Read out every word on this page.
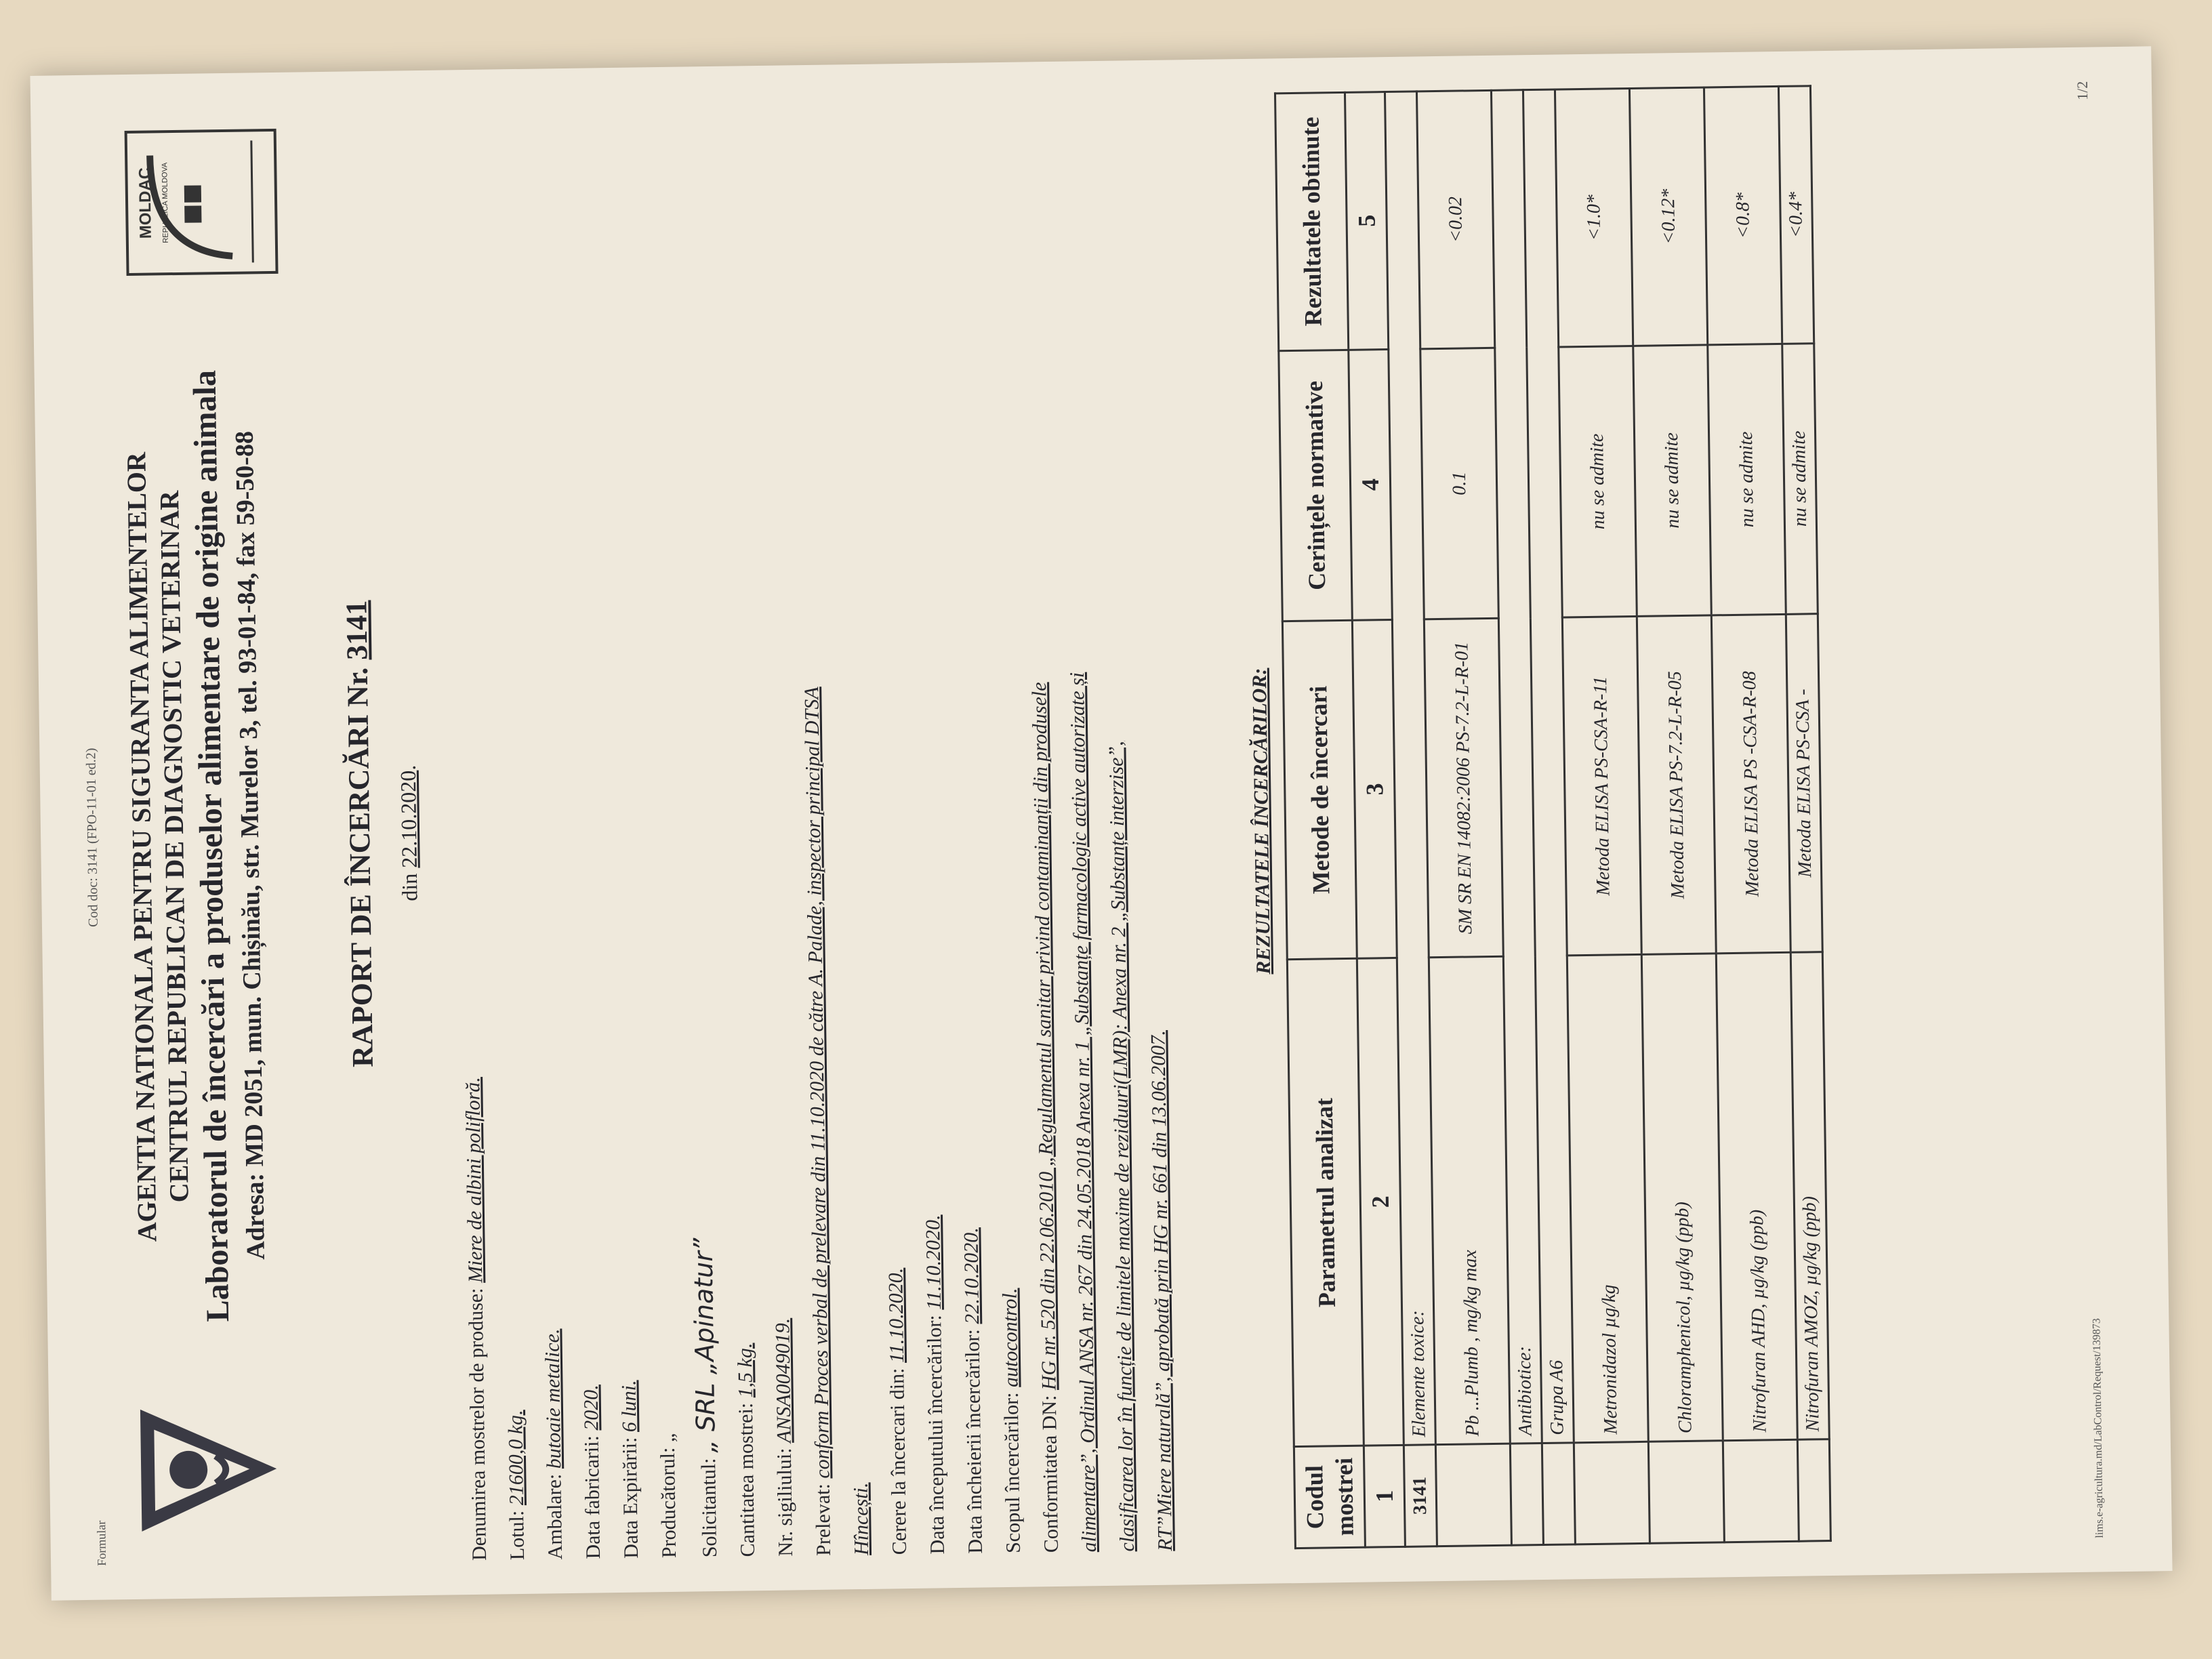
Formular
Cod doc: 3141 (FPO-11-01 ed.2) AGENTIA NATIONALA PENTRU SIGURANTA ALIMENTELOR
CENTRUL REPUBLICAN DE DIAGNOSTIC VETERINAR
Laboratorul de încercări a produselor alimentare de origine animala
Adresa: MD 2051, mun. Chișinău, str. Murelor 3, tel. 93-01-84, fax 59-50-88
MOLDAC REPUBLICA MOLDOVA
RAPORT DE ÎNCERCĂRI Nr. 3141
din 22.10.2020.
Denumirea mostrelor de produse: Miere de albini polifloră.
Lotul: 21600,0 kg.
Ambalare: butoaie metalice.
Data fabricarii: 2020.
Data Expirării: 6 luni.
Producătorul: „
Solicitantul: „ SRL „Apinatur”
Cantitatea mostrei: 1,5 kg.
Nr. sigiliului: ANSA0049019.
Prelevat: conform Proces verbal de prelevare din 11.10.2020 de către A. Palade, inspector principal DTSA
Hîncești. Cerere la încercari din: 11.10.2020. Data începutului încercărilor: 11.10.2020.
Data încheierii încercărilor: 22.10.2020.
Scopul încercărilor: autocontrol.
Conformitatea DN: HG nr. 520 din 22.06.2010 „Regulamentul sanitar privind contaminanții din produsele alimentare”, Ordinul ANSA nr. 267 din 24.05.2018 Anexa nr. 1 „Substanțe farmacologic active autorizate și clasificarea lor în funcție de limitele maxime de reziduuri(LMR): Anexa nr. 2 „Substanțe interzise”, RT”Miere naturală”, aprobată prin HG nr. 661 din 13.06.2007.
REZULTATELE ÎNCERCĂRILOR:
Codul mostrei	Parametrul analizat	Metode de încercari	Cerințele normative	Rezultatele obtinute
1	2	3	4	5
3141	Elemente toxice:			
	Pb ...Plumb , mg/kg max	SM SR EN 14082:2006 PS-7.2-L-R-01	0.1	<0.02
	Antibiotice:			
	Grupa A6			
	Metronidazol µg/kg	Metoda ELISA PS-CSA-R-11	nu se admite	<1.0*
	Chloramphenicol, µg/kg (ppb)	Metoda ELISA PS-7.2-L-R-05	nu se admite	<0.12*
	Nitrofuran AHD, µg/kg (ppb)	Metoda ELISA PS -CSA-R-08	nu se admite	<0.8*
	Nitrofuran AMOZ, µg/kg (ppb)	Metoda ELISA PS-CSA -	nu se admite	<0.4*
lims.e-agricultura.md/LabControl/Request/139873
1/2
